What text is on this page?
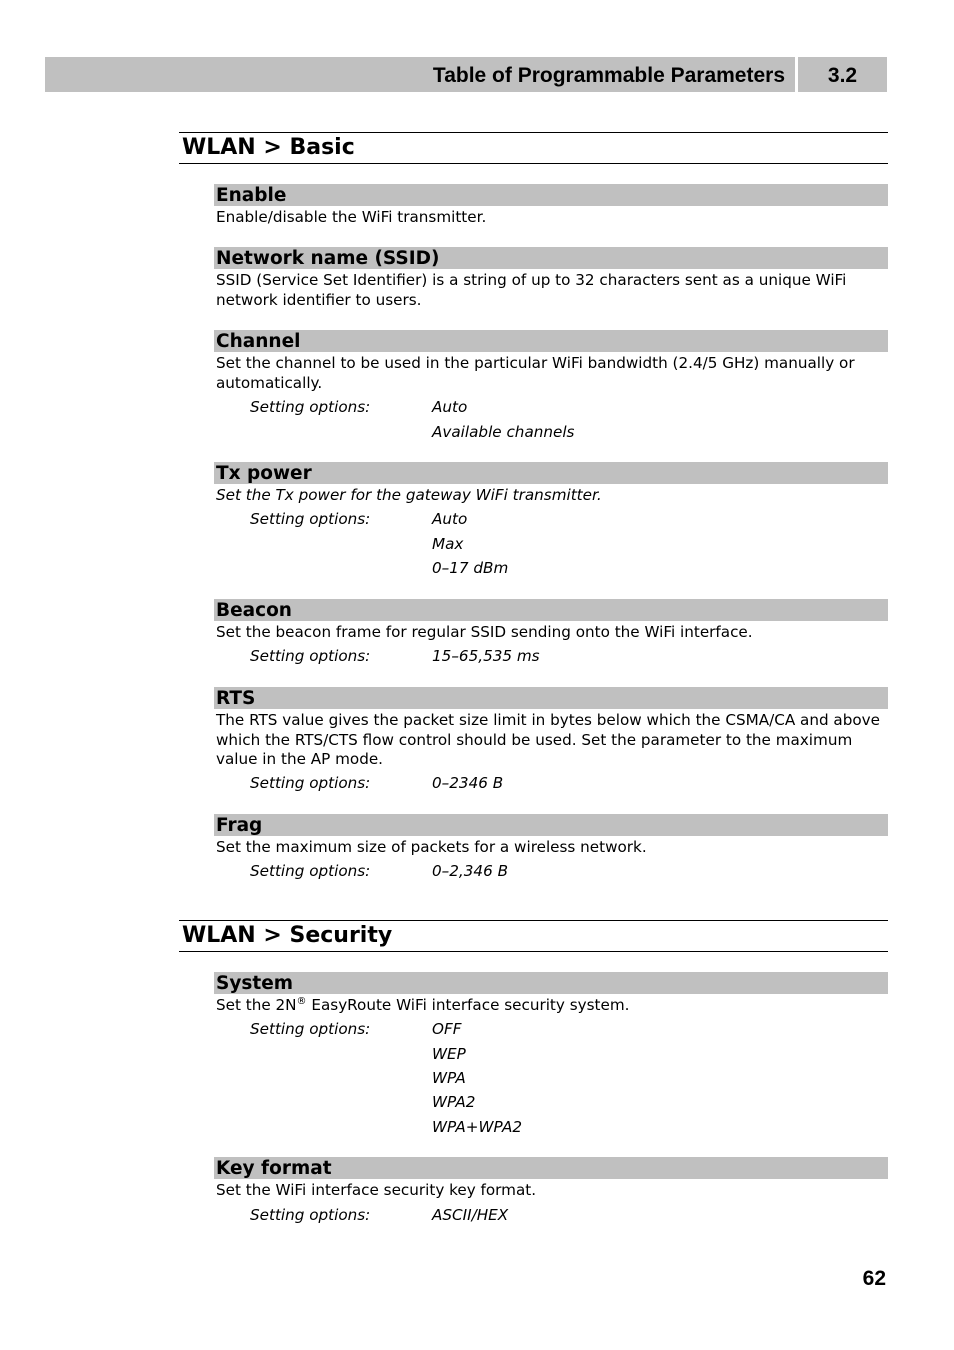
Table of Programmable Parameters	3.2
WLAN > Basic
Enable
Enable/disable the WiFi transmitter.
Network name (SSID)
SSID (Service Set Identifier) is a string of up to 32 characters sent as a unique WiFi network identifier to users.
Channel
Set the channel to be used in the particular WiFi bandwidth (2.4/5 GHz) manually or automatically.
Setting options:	Auto
Available channels
Tx power
Set the Tx power for the gateway WiFi transmitter.
Setting options:	Auto
Max
0–17 dBm
Beacon
Set the beacon frame for regular SSID sending onto the WiFi interface.
Setting options:	15–65,535 ms
RTS
The RTS value gives the packet size limit in bytes below which the CSMA/CA and above which the RTS/CTS flow control should be used. Set the parameter to the maximum value in the AP mode.
Setting options:	0–2346 B
Frag
Set the maximum size of packets for a wireless network.
Setting options:	0–2,346 B
WLAN > Security
System
Set the 2N® EasyRoute WiFi interface security system.
Setting options:	OFF
WEP
WPA
WPA2
WPA+WPA2
Key format
Set the WiFi interface security key format.
Setting options:	ASCII/HEX
62
